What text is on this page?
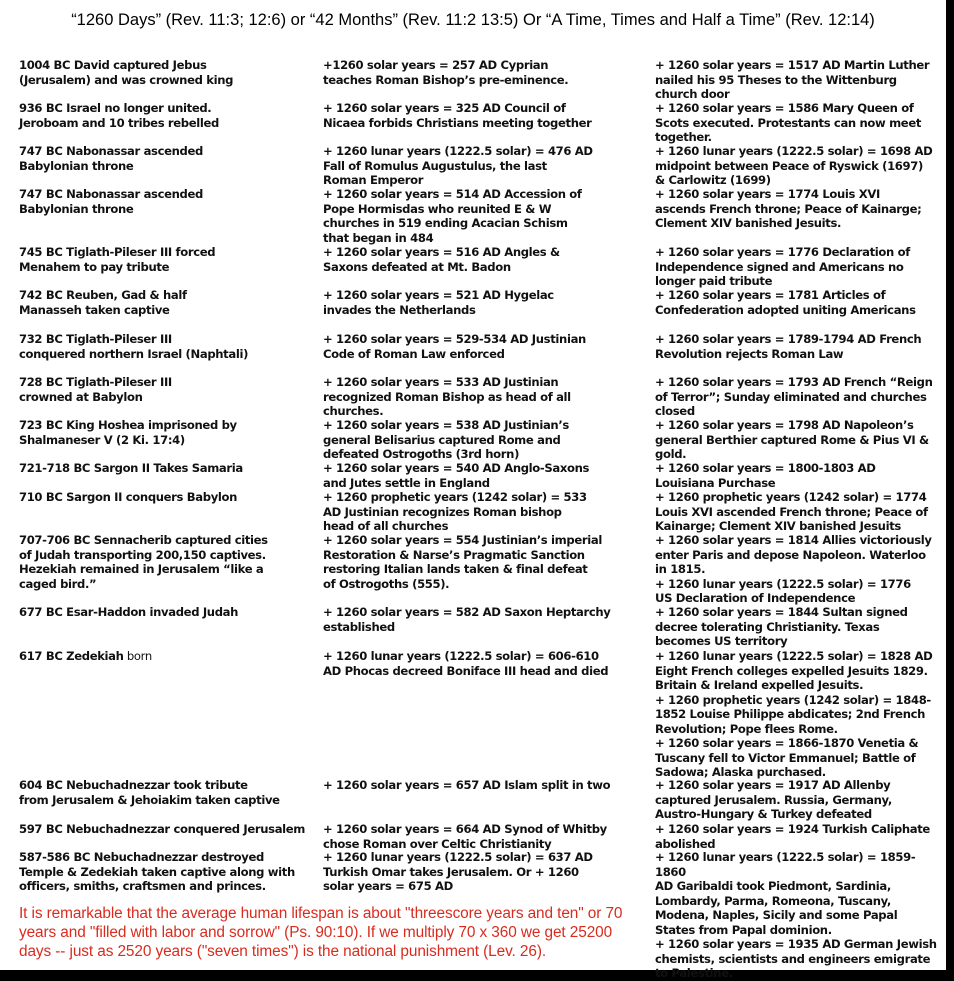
“1260 Days” (Rev. 11:3; 12:6) or “42 Months” (Rev. 11:2 13:5) Or “A Time, Times and Half a Time” (Rev. 12:14)
1004 BC David captured Jebus
(Jerusalem) and was crowned king
936 BC Israel no longer united.
Jeroboam and 10 tribes rebelled
747 BC Nabonassar ascended
Babylonian throne
747 BC Nabonassar ascended
Babylonian throne
745 BC Tiglath-Pileser III forced
Menahem to pay tribute
742 BC Reuben, Gad & half
Manasseh taken captive
732 BC Tiglath-Pileser III
conquered northern Israel (Naphtali)
728 BC Tiglath-Pileser III
crowned at Babylon
723 BC King Hoshea imprisoned by
Shalmaneser V (2 Ki. 17:4)
721-718 BC Sargon II Takes Samaria
710 BC Sargon II conquers Babylon
707-706 BC Sennacherib captured cities
of Judah transporting 200,150 captives.
Hezekiah remained in Jerusalem “like a
caged bird.”
677 BC Esar-Haddon invaded Judah
617 BC Zedekiah born
604 BC Nebuchadnezzar took tribute
from Jerusalem & Jehoiakim taken captive
597 BC Nebuchadnezzar conquered Jerusalem
587-586 BC Nebuchadnezzar destroyed
Temple & Zedekiah taken captive along with
officers, smiths, craftsmen and princes.
+1260 solar years = 257 AD Cyprian
teaches Roman Bishop’s pre-eminence.
+ 1260 solar years = 325 AD Council of
Nicaea forbids Christians meeting together
+ 1260 lunar years (1222.5 solar) = 476 AD
Fall of Romulus Augustulus, the last
Roman Emperor
+ 1260 solar years = 514 AD Accession of
Pope Hormisdas who reunited E & W
churches in 519 ending Acacian Schism
that began in 484
+ 1260 solar years = 516 AD Angles &
Saxons defeated at Mt. Badon
+ 1260 solar years = 521 AD Hygelac
invades the Netherlands
+ 1260 solar years = 529-534 AD Justinian
Code of Roman Law enforced
+ 1260 solar years = 533 AD Justinian
recognized Roman Bishop as head of all
churches.
+ 1260 solar years = 538 AD Justinian’s
general Belisarius captured Rome and
defeated Ostrogoths (3rd horn)
+ 1260 solar years = 540 AD Anglo-Saxons
and Jutes settle in England
+ 1260 prophetic years (1242 solar) = 533
AD Justinian recognizes Roman bishop
head of all churches
+ 1260 solar years = 554 Justinian’s imperial
Restoration & Narse’s Pragmatic Sanction
restoring Italian lands taken & final defeat
of Ostrogoths (555).
+ 1260 solar years = 582 AD Saxon Heptarchy
established
+ 1260 lunar years (1222.5 solar) = 606-610
AD Phocas decreed Boniface III head and died
+ 1260 solar years = 657 AD Islam split in two
+ 1260 solar years = 664 AD Synod of Whitby
chose Roman over Celtic Christianity
+ 1260 lunar years (1222.5 solar) = 637 AD
Turkish Omar takes Jerusalem. Or + 1260
solar years = 675 AD
+ 1260 solar years = 1517 AD Martin Luther
nailed his 95 Theses to the Wittenburg
church door
+ 1260 solar years = 1586 Mary Queen of
Scots executed. Protestants can now meet
together.
+ 1260 lunar years (1222.5 solar) = 1698 AD
midpoint between Peace of Ryswick (1697)
& Carlowitz (1699)
+ 1260 solar years = 1774 Louis XVI
ascends French throne; Peace of Kainarge;
Clement XIV banished Jesuits.
+ 1260 solar years = 1776 Declaration of
Independence signed and Americans no
longer paid tribute
+ 1260 solar years = 1781 Articles of
Confederation adopted uniting Americans
+ 1260 solar years = 1789-1794 AD French
Revolution rejects Roman Law
+ 1260 solar years = 1793 AD French “Reign
of Terror”; Sunday eliminated and churches
closed
+ 1260 solar years = 1798 AD Napoleon’s
general Berthier captured Rome & Pius VI &
gold.
+ 1260 solar years = 1800-1803 AD
Louisiana Purchase
+ 1260 prophetic years (1242 solar) = 1774
Louis XVI ascended French throne; Peace of
Kainarge; Clement XIV banished Jesuits
+ 1260 solar years = 1814 Allies victoriously
enter Paris and depose Napoleon. Waterloo
in 1815.
+ 1260 lunar years (1222.5 solar) = 1776
US Declaration of Independence
+ 1260 solar years = 1844 Sultan signed
decree tolerating Christianity. Texas
becomes US territory
+ 1260 lunar years (1222.5 solar) = 1828 AD
Eight French colleges expelled Jesuits 1829.
Britain & Ireland expelled Jesuits.
+ 1260 prophetic years (1242 solar) = 1848-
1852 Louise Philippe abdicates; 2nd French
Revolution; Pope flees Rome.
+ 1260 solar years = 1866-1870 Venetia &
Tuscany fell to Victor Emmanuel; Battle of
Sadowa; Alaska purchased.
+ 1260 solar years = 1917 AD Allenby
captured Jerusalem. Russia, Germany,
Austro-Hungary & Turkey defeated
+ 1260 solar years = 1924 Turkish Caliphate
abolished
+ 1260 lunar years (1222.5 solar) = 1859-1860
AD Garibaldi took Piedmont, Sardinia,
Lombardy, Parma, Romeona, Tuscany,
Modena, Naples, Sicily and some Papal
States from Papal dominion.
+ 1260 solar years = 1935 AD German Jewish
chemists, scientists and engineers emigrate
to Palestine.
It is remarkable that the average human lifespan is about "threescore years and ten" or 70 years and "filled with labor and sorrow" (Ps. 90:10). If we multiply 70 x 360 we get 25200 days -- just as 2520 years ("seven times") is the national punishment (Lev. 26).
